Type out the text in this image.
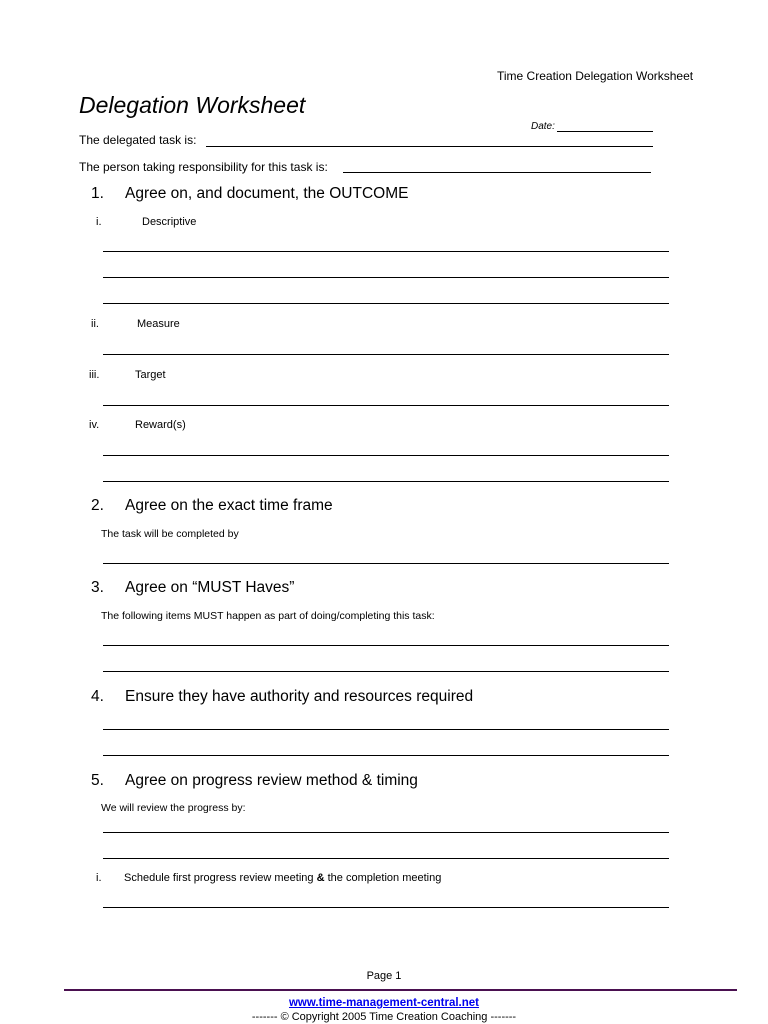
Time Creation Delegation Worksheet
Delegation Worksheet
Date:
The delegated task is:
The person taking responsibility for this task is:
1. Agree on, and document, the OUTCOME
i.	Descriptive
ii.	Measure
iii.	Target
iv.	Reward(s)
2. Agree on the exact time frame
The task will be completed by
3. Agree on “MUST Haves”
The following items MUST happen as part of doing/completing this task:
4. Ensure they have authority and resources required
5. Agree on progress review method & timing
We will review the progress by:
i. Schedule first progress review meeting & the completion meeting
Page 1
www.time-management-central.net
------- © Copyright 2005 Time Creation Coaching -------
